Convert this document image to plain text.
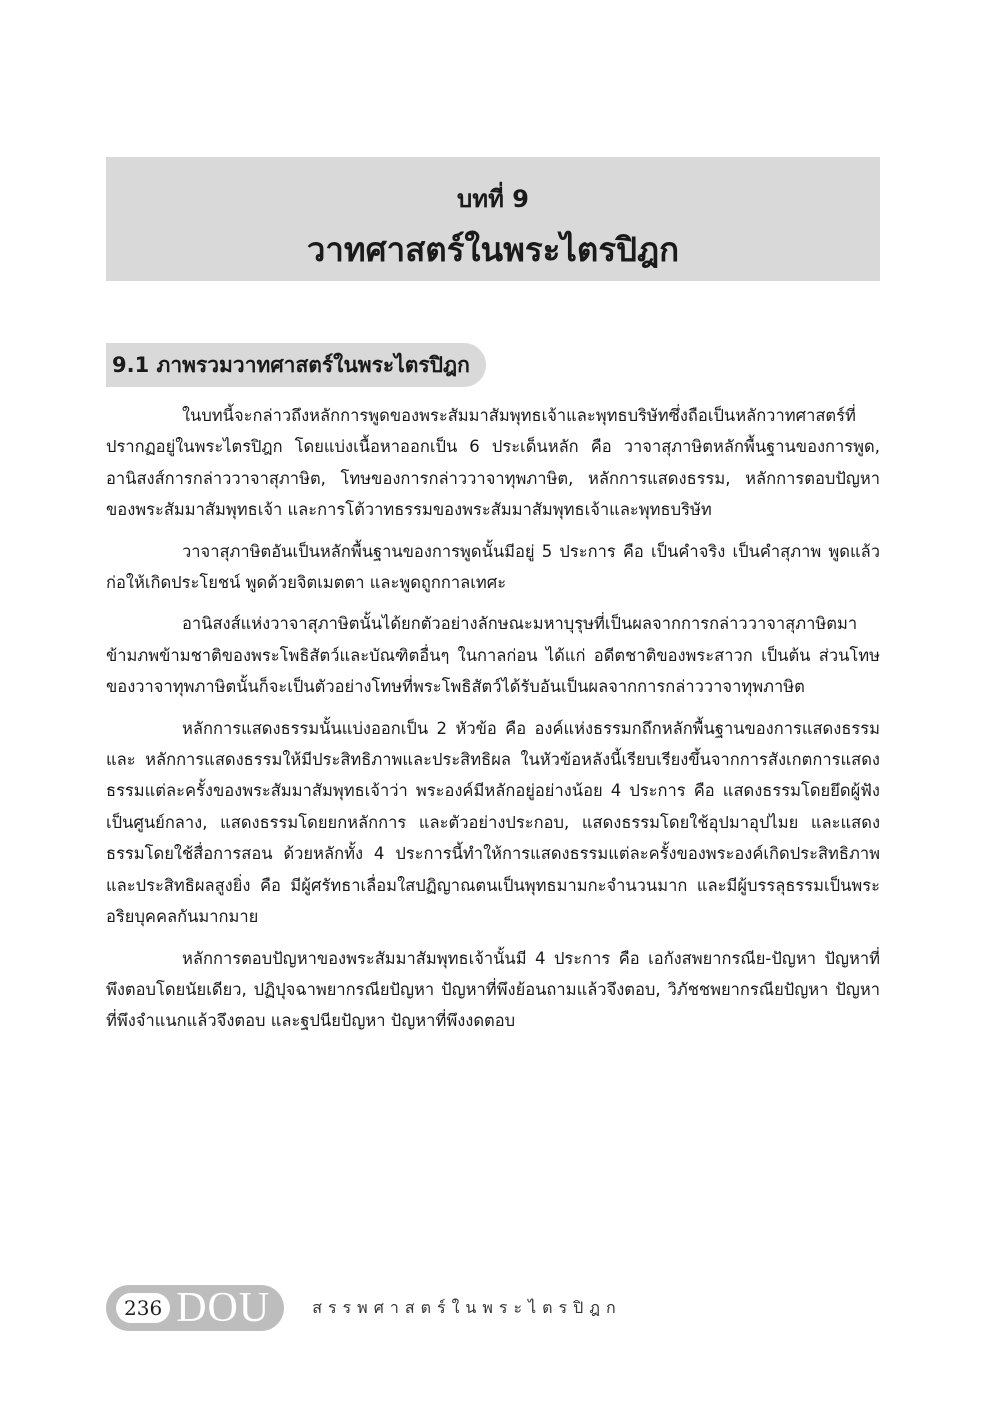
บทที่ 9
วาทศาสตร์ในพระไตรปิฎก
9.1 ภาพรวมวาทศาสตร์ในพระไตรปิฎก

ในบทนี้จะกล่าวถึงหลักการพูดของพระสัมมาสัมพุทธเจ้าและพุทธบริษัทซึ่งถือเป็นหลักวาทศาสตร์ที่ปรากฏอยู่ในพระไตรปิฎก โดยแบ่งเนื้อหาออกเป็น 6 ประเด็นหลัก คือ วาจาสุภาษิตหลักพื้นฐานของการพูด, อานิสงส์การกล่าววาจาสุภาษิต, โทษของการกล่าววาจาทุพภาษิต, หลักการแสดงธรรม, หลักการตอบปัญหาของพระสัมมาสัมพุทธเจ้า และการโต้วาทธรรมของพระสัมมาสัมพุทธเจ้าและพุทธบริษัท

วาจาสุภาษิตอันเป็นหลักพื้นฐานของการพูดนั้นมีอยู่ 5 ประการ คือ เป็นคำจริง เป็นคำสุภาพ พูดแล้วก่อให้เกิดประโยชน์ พูดด้วยจิตเมตตา และพูดถูกกาลเทศะ

อานิสงส์แห่งวาจาสุภาษิตนั้นได้ยกตัวอย่างลักษณะมหาบุรุษที่เป็นผลจากการกล่าววาจาสุภาษิตมาข้ามภพข้ามชาติของพระโพธิสัตว์และบัณฑิตอื่นๆ ในกาลก่อน ได้แก่ อดีตชาติของพระสาวก เป็นต้น ส่วนโทษของวาจาทุพภาษิตนั้นก็จะเป็นตัวอย่างโทษที่พระโพธิสัตว์ได้รับอันเป็นผลจากการกล่าววาจาทุพภาษิต

หลักการแสดงธรรมนั้นแบ่งออกเป็น 2 หัวข้อ คือ องค์แห่งธรรมกถึกหลักพื้นฐานของการแสดงธรรม และ หลักการแสดงธรรมให้มีประสิทธิภาพและประสิทธิผล ในหัวข้อหลังนี้เรียบเรียงขึ้นจากการสังเกตการแสดงธรรมแต่ละครั้งของพระสัมมาสัมพุทธเจ้าว่า พระองค์มีหลักอยู่อย่างน้อย 4 ประการ คือ แสดงธรรมโดยยึดผู้ฟังเป็นศูนย์กลาง, แสดงธรรมโดยยกหลักการ และตัวอย่างประกอบ, แสดงธรรมโดยใช้อุปมาอุปไมย และแสดงธรรมโดยใช้สื่อการสอน ด้วยหลักทั้ง 4 ประการนี้ทำให้การแสดงธรรมแต่ละครั้งของพระองค์เกิดประสิทธิภาพและประสิทธิผลสูงยิ่ง คือ มีผู้ศรัทธาเลื่อมใสปฏิญาณตนเป็นพุทธมามกะจำนวนมาก และมีผู้บรรลุธรรมเป็นพระอริยบุคคลกันมากมาย

หลักการตอบปัญหาของพระสัมมาสัมพุทธเจ้านั้นมี 4 ประการ คือ เอกังสพยากรณีย-ปัญหา ปัญหาที่พึงตอบโดยนัยเดียว, ปฏิปุจฉาพยากรณียปัญหา ปัญหาที่พึงย้อนถามแล้วจึงตอบ, วิภัชชพยากรณียปัญหา ปัญหาที่พึงจำแนกแล้วจึงตอบ และฐปนียปัญหา ปัญหาที่พึงงดตอบ

236 DOU	สรรพศาสตร์ในพระไตรปิฎก
